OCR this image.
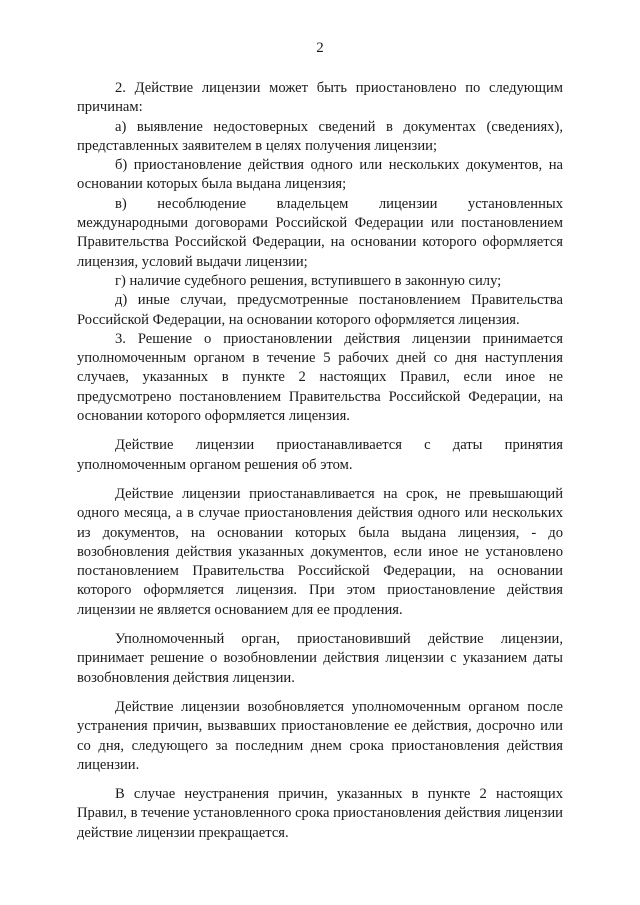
2

2. Действие лицензии может быть приостановлено по следующим причинам:

а) выявление недостоверных сведений в документах (сведениях), представленных заявителем в целях получения лицензии;

б) приостановление действия одного или нескольких документов, на основании которых была выдана лицензия;

в) несоблюдение владельцем лицензии установленных международными договорами Российской Федерации или постановлением Правительства Российской Федерации, на основании которого оформляется лицензия, условий выдачи лицензии;

г) наличие судебного решения, вступившего в законную силу;

д) иные случаи, предусмотренные постановлением Правительства Российской Федерации, на основании которого оформляется лицензия.

3. Решение о приостановлении действия лицензии принимается уполномоченным органом в течение 5 рабочих дней со дня наступления случаев, указанных в пункте 2 настоящих Правил, если иное не предусмотрено постановлением Правительства Российской Федерации, на основании которого оформляется лицензия.

Действие лицензии приостанавливается с даты принятия уполномоченным органом решения об этом.

Действие лицензии приостанавливается на срок, не превышающий одного месяца, а в случае приостановления действия одного или нескольких из документов, на основании которых была выдана лицензия, - до возобновления действия указанных документов, если иное не установлено постановлением Правительства Российской Федерации, на основании которого оформляется лицензия. При этом приостановление действия лицензии не является основанием для ее продления.

Уполномоченный орган, приостановивший действие лицензии, принимает решение о возобновлении действия лицензии с указанием даты возобновления действия лицензии.

Действие лицензии возобновляется уполномоченным органом после устранения причин, вызвавших приостановление ее действия, досрочно или со дня, следующего за последним днем срока приостановления действия лицензии.

В случае неустранения причин, указанных в пункте 2 настоящих Правил, в течение установленного срока приостановления действия лицензии действие лицензии прекращается.
